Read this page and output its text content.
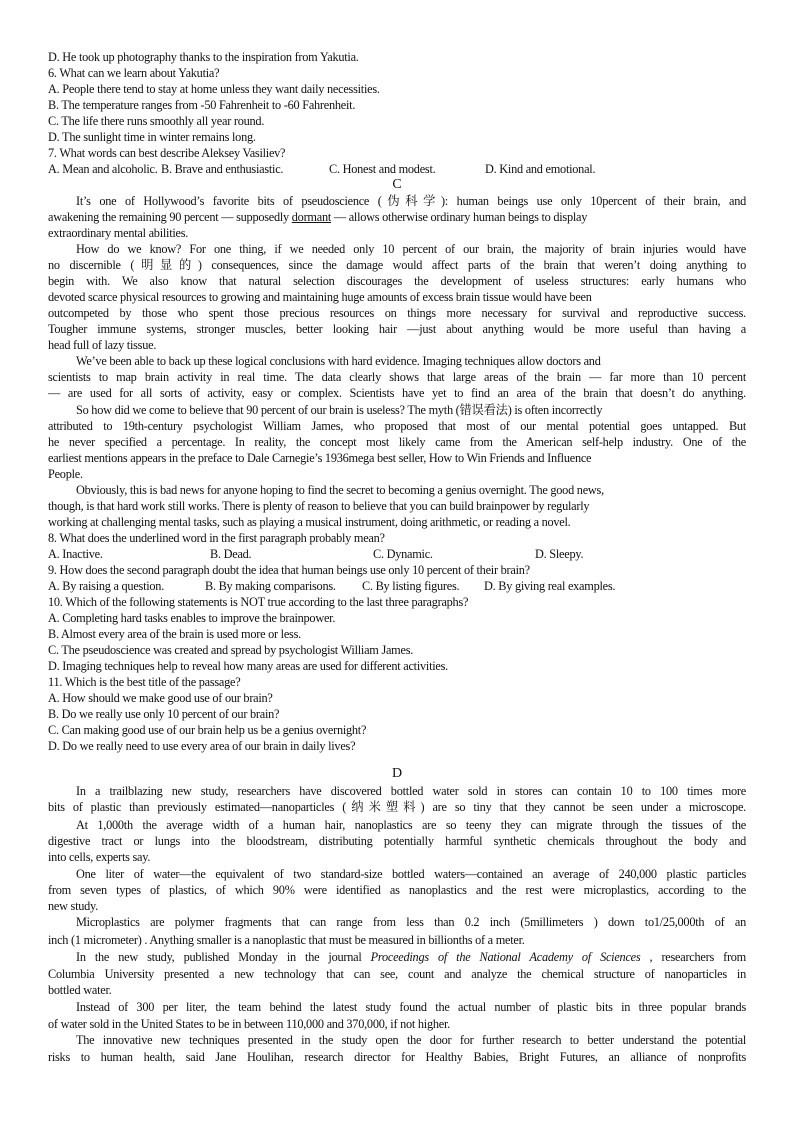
D. He took up photography thanks to the inspiration from Yakutia.
6. What can we learn about Yakutia?
A. People there tend to stay at home unless they want daily necessities.
B. The temperature ranges from -50 Fahrenheit to -60 Fahrenheit.
C. The life there runs smoothly all year round.
D. The sunlight time in winter remains long.
7. What words can best describe Aleksey Vasiliev?
A. Mean and alcoholic. B. Brave and enthusiastic.	C. Honest and modest.	D. Kind and emotional.
C
It’s one of Hollywood’s favorite bits of pseudoscience (伪科学): human beings use only 10percent of their brain, and
awakening the remaining 90 percent — supposedly dormant — allows otherwise ordinary human beings to display
extraordinary mental abilities.
How do we know? For one thing, if we needed only 10 percent of our brain, the majority of brain injuries would have
no discernible (明显的) consequences, since the damage would affect parts of the brain that weren’t doing anything to
begin with. We also know that natural selection discourages the development of useless structures: early humans who
devoted scarce physical resources to growing and maintaining huge amounts of excess brain tissue would have been
outcompeted by those who spent those precious resources on things more necessary for survival and reproductive success.
Tougher immune systems, stronger muscles, better looking hair —just about anything would be more useful than having a
head full of lazy tissue.
We’ve been able to back up these logical conclusions with hard evidence. Imaging techniques allow doctors and
scientists to map brain activity in real time. The data clearly shows that large areas of the brain — far more than 10 percent
— are used for all sorts of activity, easy or complex. Scientists have yet to find an area of the brain that doesn’t do anything.
So how did we come to believe that 90 percent of our brain is useless? The myth (错误看法) is often incorrectly
attributed to 19th-century psychologist William James, who proposed that most of our mental potential goes untapped. But
he never specified a percentage. In reality, the concept most likely came from the American self-help industry. One of the
earliest mentions appears in the preface to Dale Carnegie’s 1936mega best seller, How to Win Friends and Influence
People.
Obviously, this is bad news for anyone hoping to find the secret to becoming a genius overnight. The good news,
though, is that hard work still works. There is plenty of reason to believe that you can build brainpower by regularly
working at challenging mental tasks, such as playing a musical instrument, doing arithmetic, or reading a novel.
8. What does the underlined word in the first paragraph probably mean?
A. Inactive.	B. Dead.	C. Dynamic.	D. Sleepy.
9. How does the second paragraph doubt the idea that human beings use only 10 percent of their brain?
A. By raising a question.	B. By making comparisons. C. By listing figures. D. By giving real examples.
10. Which of the following statements is NOT true according to the last three paragraphs?
A. Completing hard tasks enables to improve the brainpower.
B. Almost every area of the brain is used more or less.
C. The pseudoscience was created and spread by psychologist William James.
D. Imaging techniques help to reveal how many areas are used for different activities.
11. Which is the best title of the passage?
A. How should we make good use of our brain?
B. Do we really use only 10 percent of our brain?
C. Can making good use of our brain help us be a genius overnight?
D. Do we really need to use every area of our brain in daily lives?
D
In a trailblazing new study, researchers have discovered bottled water sold in stores can contain 10 to 100 times more
bits of plastic than previously estimated—nanoparticles (纳米塑料) are so tiny that they cannot be seen under a microscope.
At 1,000th the average width of a human hair, nanoplastics are so teeny they can migrate through the tissues of the
digestive tract or lungs into the bloodstream, distributing potentially harmful synthetic chemicals throughout the body and
into cells, experts say.
One liter of water—the equivalent of two standard-size bottled waters—contained an average of 240,000 plastic particles
from seven types of plastics, of which 90% were identified as nanoplastics and the rest were microplastics, according to the
new study.
Microplastics are polymer fragments that can range from less than 0.2 inch (5millimeters ) down to1/25,000th of an
inch (1 micrometer) . Anything smaller is a nanoplastic that must be measured in billionths of a meter.
In the new study, published Monday in the journal Proceedings of the National Academy of Sciences , researchers from
Columbia University presented a new technology that can see, count and analyze the chemical structure of nanoparticles in
bottled water.
Instead of 300 per liter, the team behind the latest study found the actual number of plastic bits in three popular brands
of water sold in the United States to be in between 110,000 and 370,000, if not higher.
The innovative new techniques presented in the study open the door for further research to better understand the potential
risks to human health, said Jane Houlihan, research director for Healthy Babies, Bright Futures, an alliance of nonprofits
